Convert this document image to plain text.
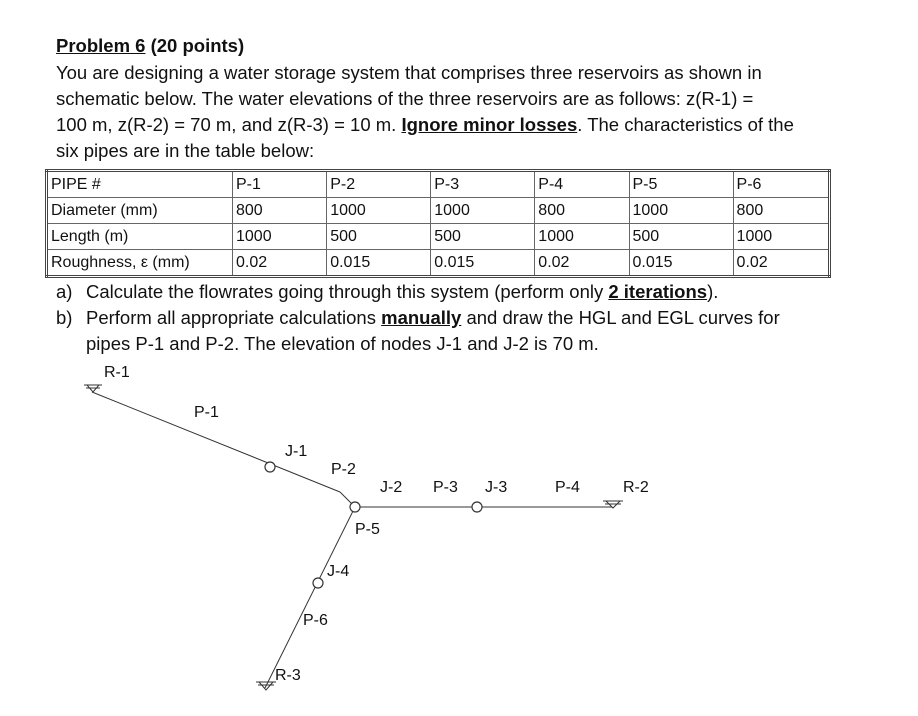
Problem 6 (20 points)
You are designing a water storage system that comprises three reservoirs as shown in
schematic below. The water elevations of the three reservoirs are as follows: z(R-1) =
100 m, z(R-2) = 70 m, and z(R-3) = 10 m. Ignore minor losses. The characteristics of the
six pipes are in the table below:
PIPE #	P-1	P-2	P-3	P-4	P-5	P-6
Diameter (mm)	800	1000	1000	800	1000	800
Length (m)	1000	500	500	1000	500	1000
Roughness, ε (mm)	0.02	0.015	0.015	0.02	0.015	0.02
a) Calculate the flowrates going through this system (perform only 2 iterations).
b) Perform all appropriate calculations manually and draw the HGL and EGL curves for
pipes P-1 and P-2. The elevation of nodes J-1 and J-2 is 70 m.
R-1
P-1
J-1
P-2
J-2 P-3 J-3	P-4	R-2
P-5
J-4
P-6
R-3
